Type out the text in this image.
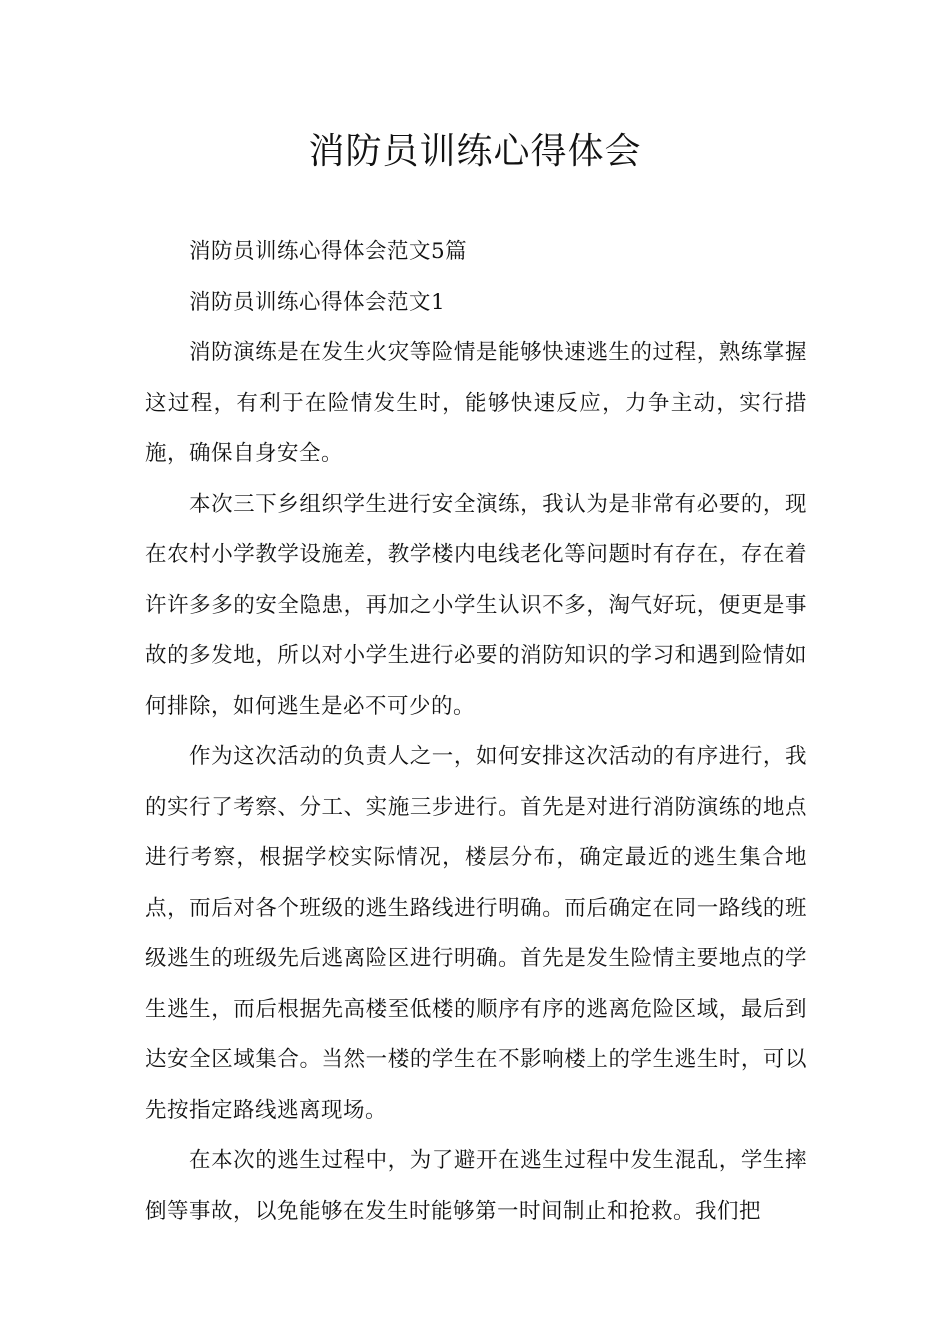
消防员训练心得体会

消防员训练心得体会范文5篇

消防员训练心得体会范文1

消防演练是在发生火灾等险情是能够快速逃生的过程，熟练掌握这过程，有利于在险情发生时，能够快速反应，力争主动，实行措施，确保自身安全。

本次三下乡组织学生进行安全演练，我认为是非常有必要的，现在农村小学教学设施差，教学楼内电线老化等问题时有存在，存在着许许多多的安全隐患，再加之小学生认识不多，淘气好玩，便更是事故的多发地，所以对小学生进行必要的消防知识的学习和遇到险情如何排除，如何逃生是必不可少的。

作为这次活动的负责人之一，如何安排这次活动的有序进行，我的实行了考察、分工、实施三步进行。首先是对进行消防演练的地点进行考察，根据学校实际情况，楼层分布，确定最近的逃生集合地点，而后对各个班级的逃生路线进行明确。而后确定在同一路线的班级逃生的班级先后逃离险区进行明确。首先是发生险情主要地点的学生逃生，而后根据先高楼至低楼的顺序有序的逃离危险区域，最后到达安全区域集合。当然一楼的学生在不影响楼上的学生逃生时，可以先按指定路线逃离现场。

在本次的逃生过程中，为了避开在逃生过程中发生混乱，学生摔倒等事故，以免能够在发生时能够第一时间制止和抢救。我们把
